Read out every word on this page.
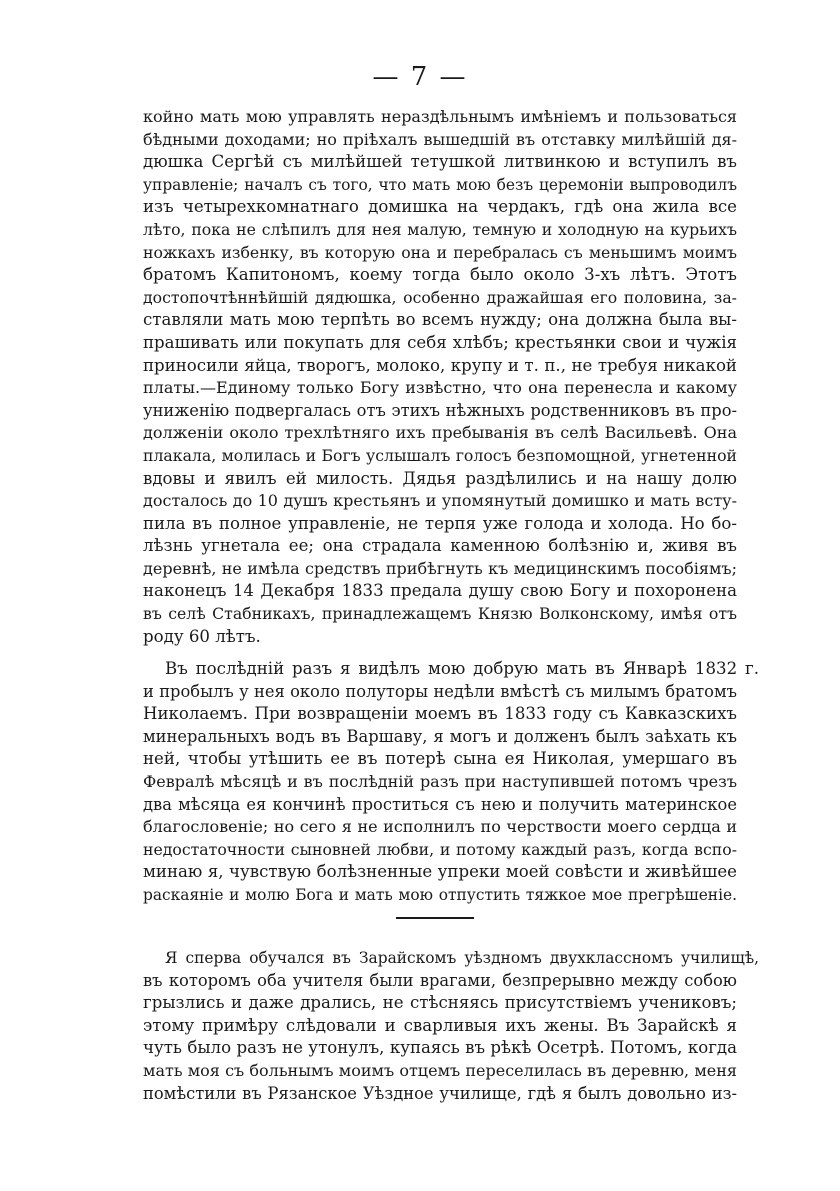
— 7 —
койно мать мою управлять нераздѣльнымъ имѣнiемъ и пользоваться
бѣдными доходами; но прiѣхалъ вышедшiй въ отставку милѣйшiй дя-
дюшка Сергѣй съ милѣйшей тетушкой литвинкою и вступилъ въ
управленiе; началъ съ того, что мать мою безъ церемонiи выпроводилъ
изъ четырехкомнатнаго домишка на чердакъ, гдѣ она жила все
лѣто, пока не слѣпилъ для нея малую, темную и холодную на курьихъ
ножкахъ избенку, въ которую она и перебралась съ меньшимъ моимъ
братомъ Капитономъ, коему тогда было около 3-хъ лѣтъ. Этотъ
достопочтѣннѣйшiй дядюшка, особенно дражайшая его половина, за-
ставляли мать мою терпѣть во всемъ нужду; она должна была вы-
прашивать или покупать для себя хлѣбъ; крестьянки свои и чужiя
приносили яйца, творогъ, молоко, крупу и т. п., не требуя никакой
платы.—Единому только Богу извѣстно, что она перенесла и какому
униженiю подвергалась отъ этихъ нѣжныхъ родственниковъ въ про-
долженiи около трехлѣтняго ихъ пребыванiя въ селѣ Васильевѣ. Она
плакала, молилась и Богъ услышалъ голосъ безпомощной, угнетенной
вдовы и явилъ ей милость. Дядья раздѣлились и на нашу долю
досталось до 10 душъ крестьянъ и упомянутый домишко и мать всту-
пила въ полное управленiе, не терпя уже голода и холода. Но бо-
лѣзнь угнетала ее; она страдала каменною болѣзнiю и, живя въ
деревнѣ, не имѣла средствъ прибѣгнуть къ медицинскимъ пособiямъ;
наконецъ 14 Декабря 1833 предала душу свою Богу и похоронена
въ селѣ Стабникахъ, принадлежащемъ Князю Волконскому, имѣя отъ
роду 60 лѣтъ.
Въ послѣднiй разъ я видѣлъ мою добрую мать въ Январѣ 1832 г.
и пробылъ у нея около полуторы недѣли вмѣстѣ съ милымъ братомъ
Николаемъ. При возвращенiи моемъ въ 1833 году съ Кавказскихъ
минеральныхъ водъ въ Варшаву, я могъ и долженъ былъ заѣхать къ
ней, чтобы утѣшить ее въ потерѣ сына ея Николая, умершаго въ
Февралѣ мѣсяцѣ и въ послѣднiй разъ при наступившей потомъ чрезъ
два мѣсяца ея кончинѣ проститься съ нею и получить материнское
благословенiе; но сего я не исполнилъ по черствости моего сердца и
недостаточности сыновней любви, и потому каждый разъ, когда вспо-
минаю я, чувствую болѣзненные упреки моей совѣсти и живѣйшее
раскаянiе и молю Бога и мать мою отпустить тяжкое мое прегрѣшенiе.
Я сперва обучался въ Зарайскомъ уѣздномъ двухклассномъ училищѣ,
въ которомъ оба учителя были врагами, безпрерывно между собою
грызлись и даже дрались, не стѣсняясь присутствiемъ учениковъ;
этому примѣру слѣдовали и сварливыя ихъ жены. Въ Зарайскѣ я
чуть было разъ не утонулъ, купаясь въ рѣкѣ Осетрѣ. Потомъ, когда
мать моя съ больнымъ моимъ отцемъ переселилась въ деревню, меня
помѣстили въ Рязанское Уѣздное училище, гдѣ я былъ довольно из-
